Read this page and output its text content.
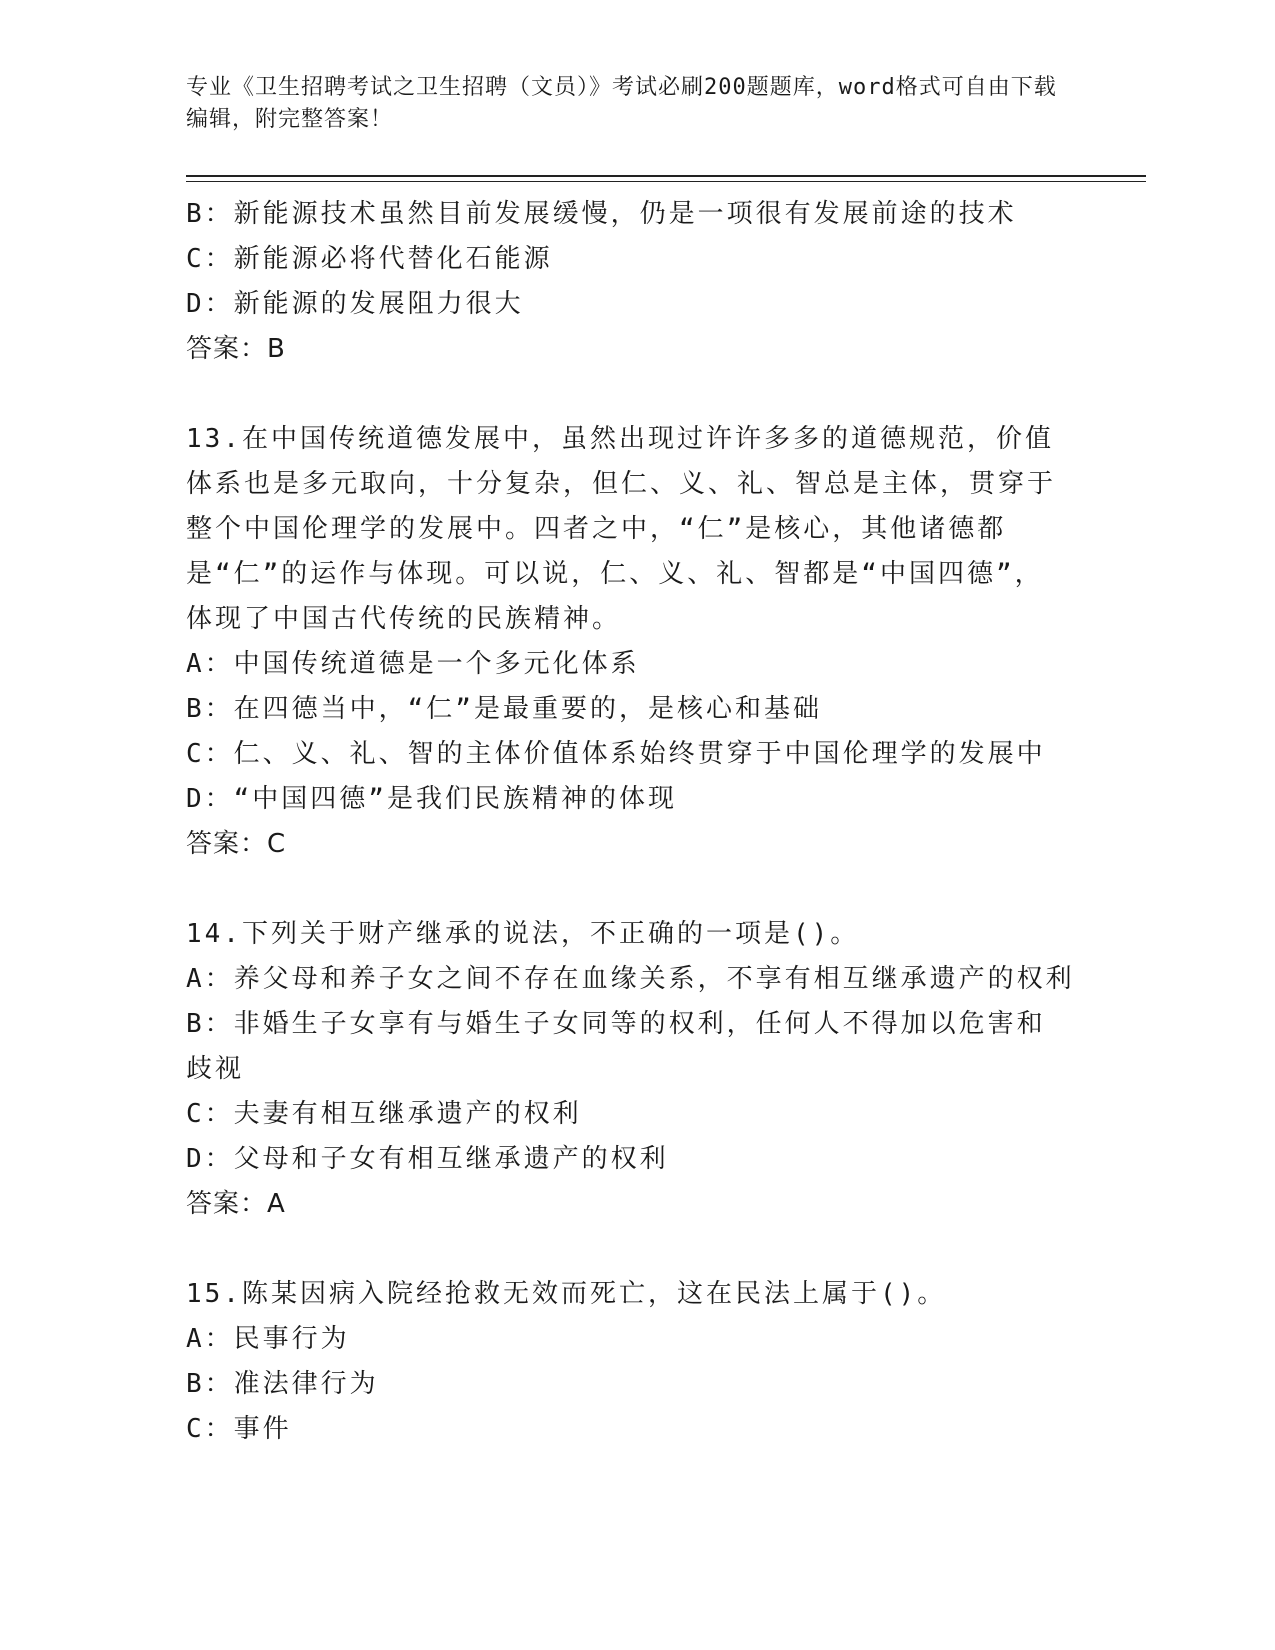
专业《卫生招聘考试之卫生招聘（文员）》考试必刷200题题库，word格式可自由下载编辑，附完整答案！
B：新能源技术虽然目前发展缓慢，仍是一项很有发展前途的技术
C：新能源必将代替化石能源
D：新能源的发展阻力很大
答案：B
13.在中国传统道德发展中，虽然出现过许许多多的道德规范，价值体系也是多元取向，十分复杂，但仁、义、礼、智总是主体，贯穿于整个中国伦理学的发展中。四者之中，“仁”是核心，其他诸德都是“仁”的运作与体现。可以说，仁、义、礼、智都是“中国四德”，体现了中国古代传统的民族精神。
A：中国传统道德是一个多元化体系
B：在四德当中，“仁”是最重要的，是核心和基础
C：仁、义、礼、智的主体价值体系始终贯穿于中国伦理学的发展中
D：“中国四德”是我们民族精神的体现
答案：C
14.下列关于财产继承的说法，不正确的一项是()。
A：养父母和养子女之间不存在血缘关系，不享有相互继承遗产的权利
B：非婚生子女享有与婚生子女同等的权利，任何人不得加以危害和歧视
C：夫妻有相互继承遗产的权利
D：父母和子女有相互继承遗产的权利
答案：A
15.陈某因病入院经抢救无效而死亡，这在民法上属于()。
A：民事行为
B：准法律行为
C：事件
